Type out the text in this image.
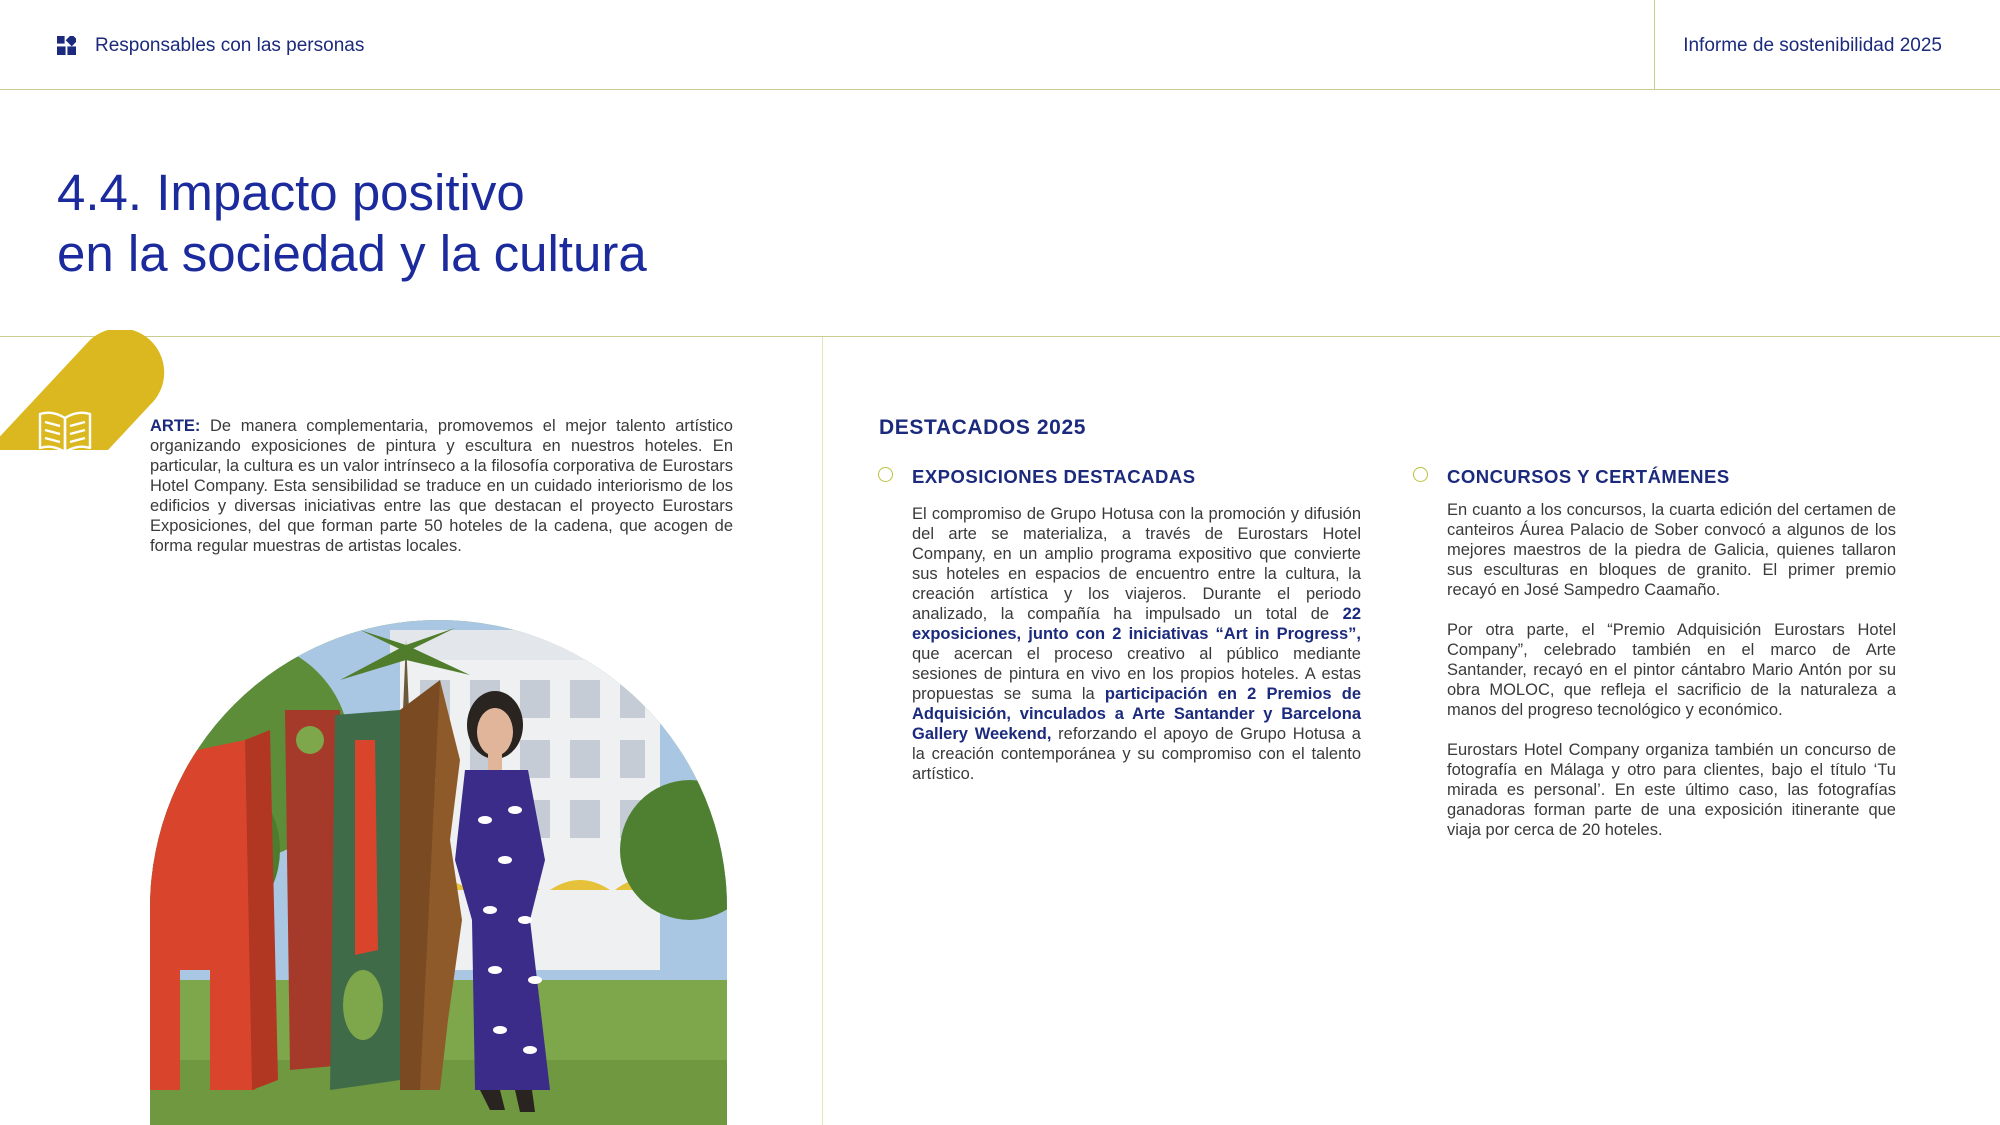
Responsables con las personas	Informe de sostenibilidad 2025
4.4. Impacto positivo
en la sociedad y la cultura
ARTE: De manera complementaria, promovemos el mejor talento artístico organizando exposiciones de pintura y escultura en nuestros hoteles. En particular, la cultura es un valor intrínseco a la filosofía corporativa de Eurostars Hotel Company. Esta sensibilidad se traduce en un cuidado interiorismo de los edificios y diversas iniciativas entre las que destacan el proyecto Eurostars Exposiciones, del que forman parte 50 hoteles de la cadena, que acogen de forma regular muestras de artistas locales.
DESTACADOS 2025
EXPOSICIONES DESTACADAS
El compromiso de Grupo Hotusa con la promoción y difusión del arte se materializa, a través de Eurostars Hotel Company, en un amplio programa expositivo que convierte sus hoteles en espacios de encuentro entre la cultura, la creación artística y los viajeros. Durante el periodo analizado, la compañía ha impulsado un total de 22 exposiciones, junto con 2 iniciativas “Art in Progress”, que acercan el proceso creativo al público mediante sesiones de pintura en vivo en los propios hoteles. A estas propuestas se suma la participación en 2 Premios de Adquisición, vinculados a Arte Santander y Barcelona Gallery Weekend, reforzando el apoyo de Grupo Hotusa a la creación contemporánea y su compromiso con el talento artístico.
CONCURSOS Y CERTÁMENES

En cuanto a los concursos, la cuarta edición del certamen de canteiros Áurea Palacio de Sober convocó a algunos de los mejores maestros de la piedra de Galicia, quienes tallaron sus esculturas en bloques de granito. El primer premio recayó en José Sampedro Caamaño.

Por otra parte, el “Premio Adquisición Eurostars Hotel Company”, celebrado también en el marco de Arte Santander, recayó en el pintor cántabro Mario Antón por su obra MOLOC, que refleja el sacrificio de la naturaleza a manos del progreso tecnológico y económico.

Eurostars Hotel Company organiza también un concurso de fotografía en Málaga y otro para clientes, bajo el título ‘Tu mirada es personal’. En este último caso, las fotografías ganadoras forman parte de una exposición itinerante que viaja por cerca de 20 hoteles.
